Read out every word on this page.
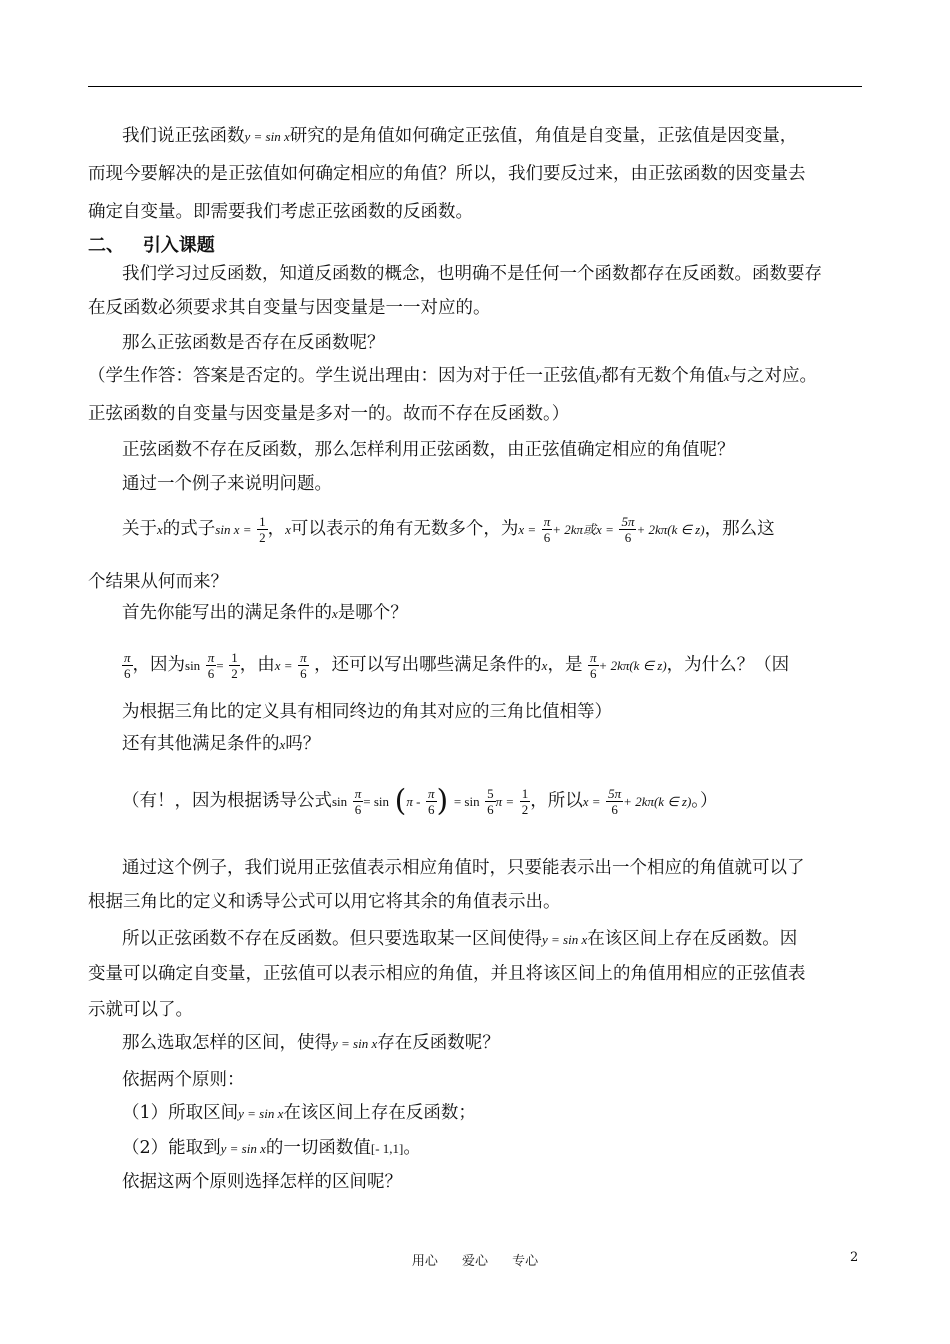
我们说正弦函数y = sin x研究的是角值如何确定正弦值，角值是自变量，正弦值是因变量，
而现今要解决的是正弦值如何确定相应的角值？所以，我们要反过来，由正弦函数的因变量去
确定自变量。即需要我们考虑正弦函数的反函数。
二、 引入课题
我们学习过反函数，知道反函数的概念，也明确不是任何一个函数都存在反函数。函数要存
在反函数必须要求其自变量与因变量是一一对应的。
那么正弦函数是否存在反函数呢？
（学生作答：答案是否定的。学生说出理由：因为对于任一正弦值y都有无数个角值x与之对应。
正弦函数的自变量与因变量是多对一的。故而不存在反函数。）
正弦函数不存在反函数，那么怎样利用正弦函数，由正弦值确定相应的角值呢？
通过一个例子来说明问题。
关于x的式子$\sin x = \frac{1}{2}$ ，x可以表示的角有无数多个，为$x = \frac{\pi}{6} + 2k\pi$或$x = \frac{5\pi}{6} + 2k\pi(k$ ∈ z)，那么这
个结果从何而来？
首先你能写出的满足条件的x是哪个？
$\frac{\pi}{6}$ ，因为$\sin \frac{\pi}{6} = \frac{1}{2}$ ，由$x = \frac{\pi}{6}$ ，还可以写出哪些满足条件的x，是 $\frac{\pi}{6} + 2k\pi(k$ ∈ z)，为什么？（因
为根据三角比的定义具有相同终边的角其对应的三角比值相等）
还有其他满足条件的x吗？
（有！，因为根据诱导公式$\sin \frac{\pi}{6} = \sin (\pi - \frac{\pi}{6}$ ) = $\sin \frac{5}{6}$ $\pi = \frac{1}{2}$ ，所以$x = \frac{5\pi}{6} + 2k\pi(k$ ∈ z)。）
通过这个例子，我们说用正弦值表示相应角值时，只要能表示出一个相应的角值就可以了
根据三角比的定义和诱导公式可以用它将其余的角值表示出。
所以正弦函数不存在反函数。但只要选取某一区间使得y = sin x在该区间上存在反函数。因
变量可以确定自变量，正弦值可以表示相应的角值，并且将该区间上的角值用相应的正弦值表
示就可以了。
那么选取怎样的区间，使得y = sin x存在反函数呢？
依据两个原则：
（1）所取区间y = sin x在该区间上存在反函数；
（2）能取到y = sin x的一切函数值[- 1,1]。
依据这两个原则选择怎样的区间呢？
用心 爱心 专心	2
